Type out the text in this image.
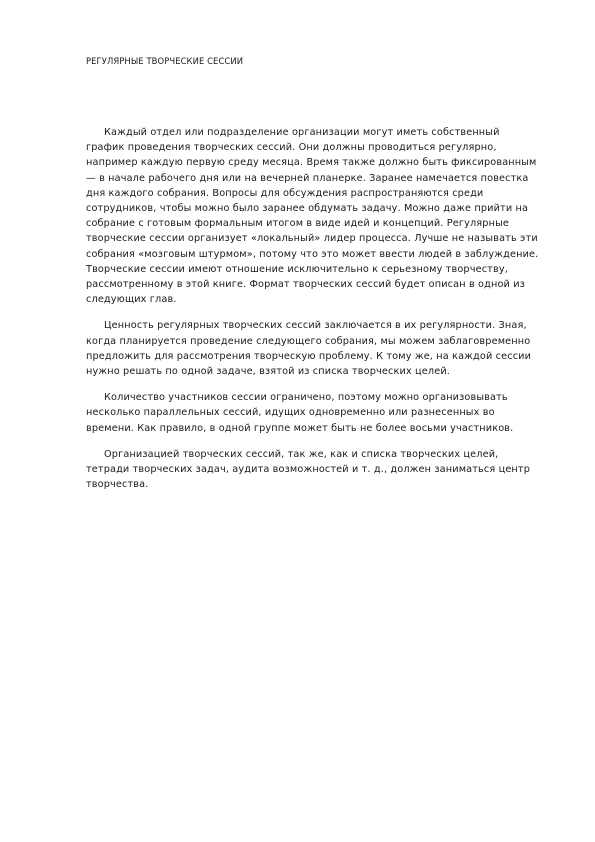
РЕГУЛЯРНЫЕ ТВОРЧЕСКИЕ СЕССИИ

Каждый отдел или подразделение организации могут иметь собственный график проведения творческих сессий. Они должны проводиться регулярно, например каждую первую среду месяца. Время также должно быть фиксированным — в начале рабочего дня или на вечерней планерке. Заранее намечается повестка дня каждого собрания. Вопросы для обсуждения распространяются среди сотрудников, чтобы можно было заранее обдумать задачу. Можно даже прийти на собрание с готовым формальным итогом в виде идей и концепций. Регулярные творческие сессии организует «локальный» лидер процесса. Лучше не называть эти собрания «мозговым штурмом», потому что это может ввести людей в заблуждение. Творческие сессии имеют отношение исключительно к серьезному творчеству, рассмотренному в этой книге. Формат творческих сессий будет описан в одной из следующих глав.

Ценность регулярных творческих сессий заключается в их регулярности. Зная, когда планируется проведение следующего собрания, мы можем заблаговременно предложить для рассмотрения творческую проблему. К тому же, на каждой сессии нужно решать по одной задаче, взятой из списка творческих целей.

Количество участников сессии ограничено, поэтому можно организовывать несколько параллельных сессий, идущих одновременно или разнесенных во времени. Как правило, в одной группе может быть не более восьми участников.

Организацией творческих сессий, так же, как и списка творческих целей, тетради творческих задач, аудита возможностей и т. д., должен заниматься центр творчества.
